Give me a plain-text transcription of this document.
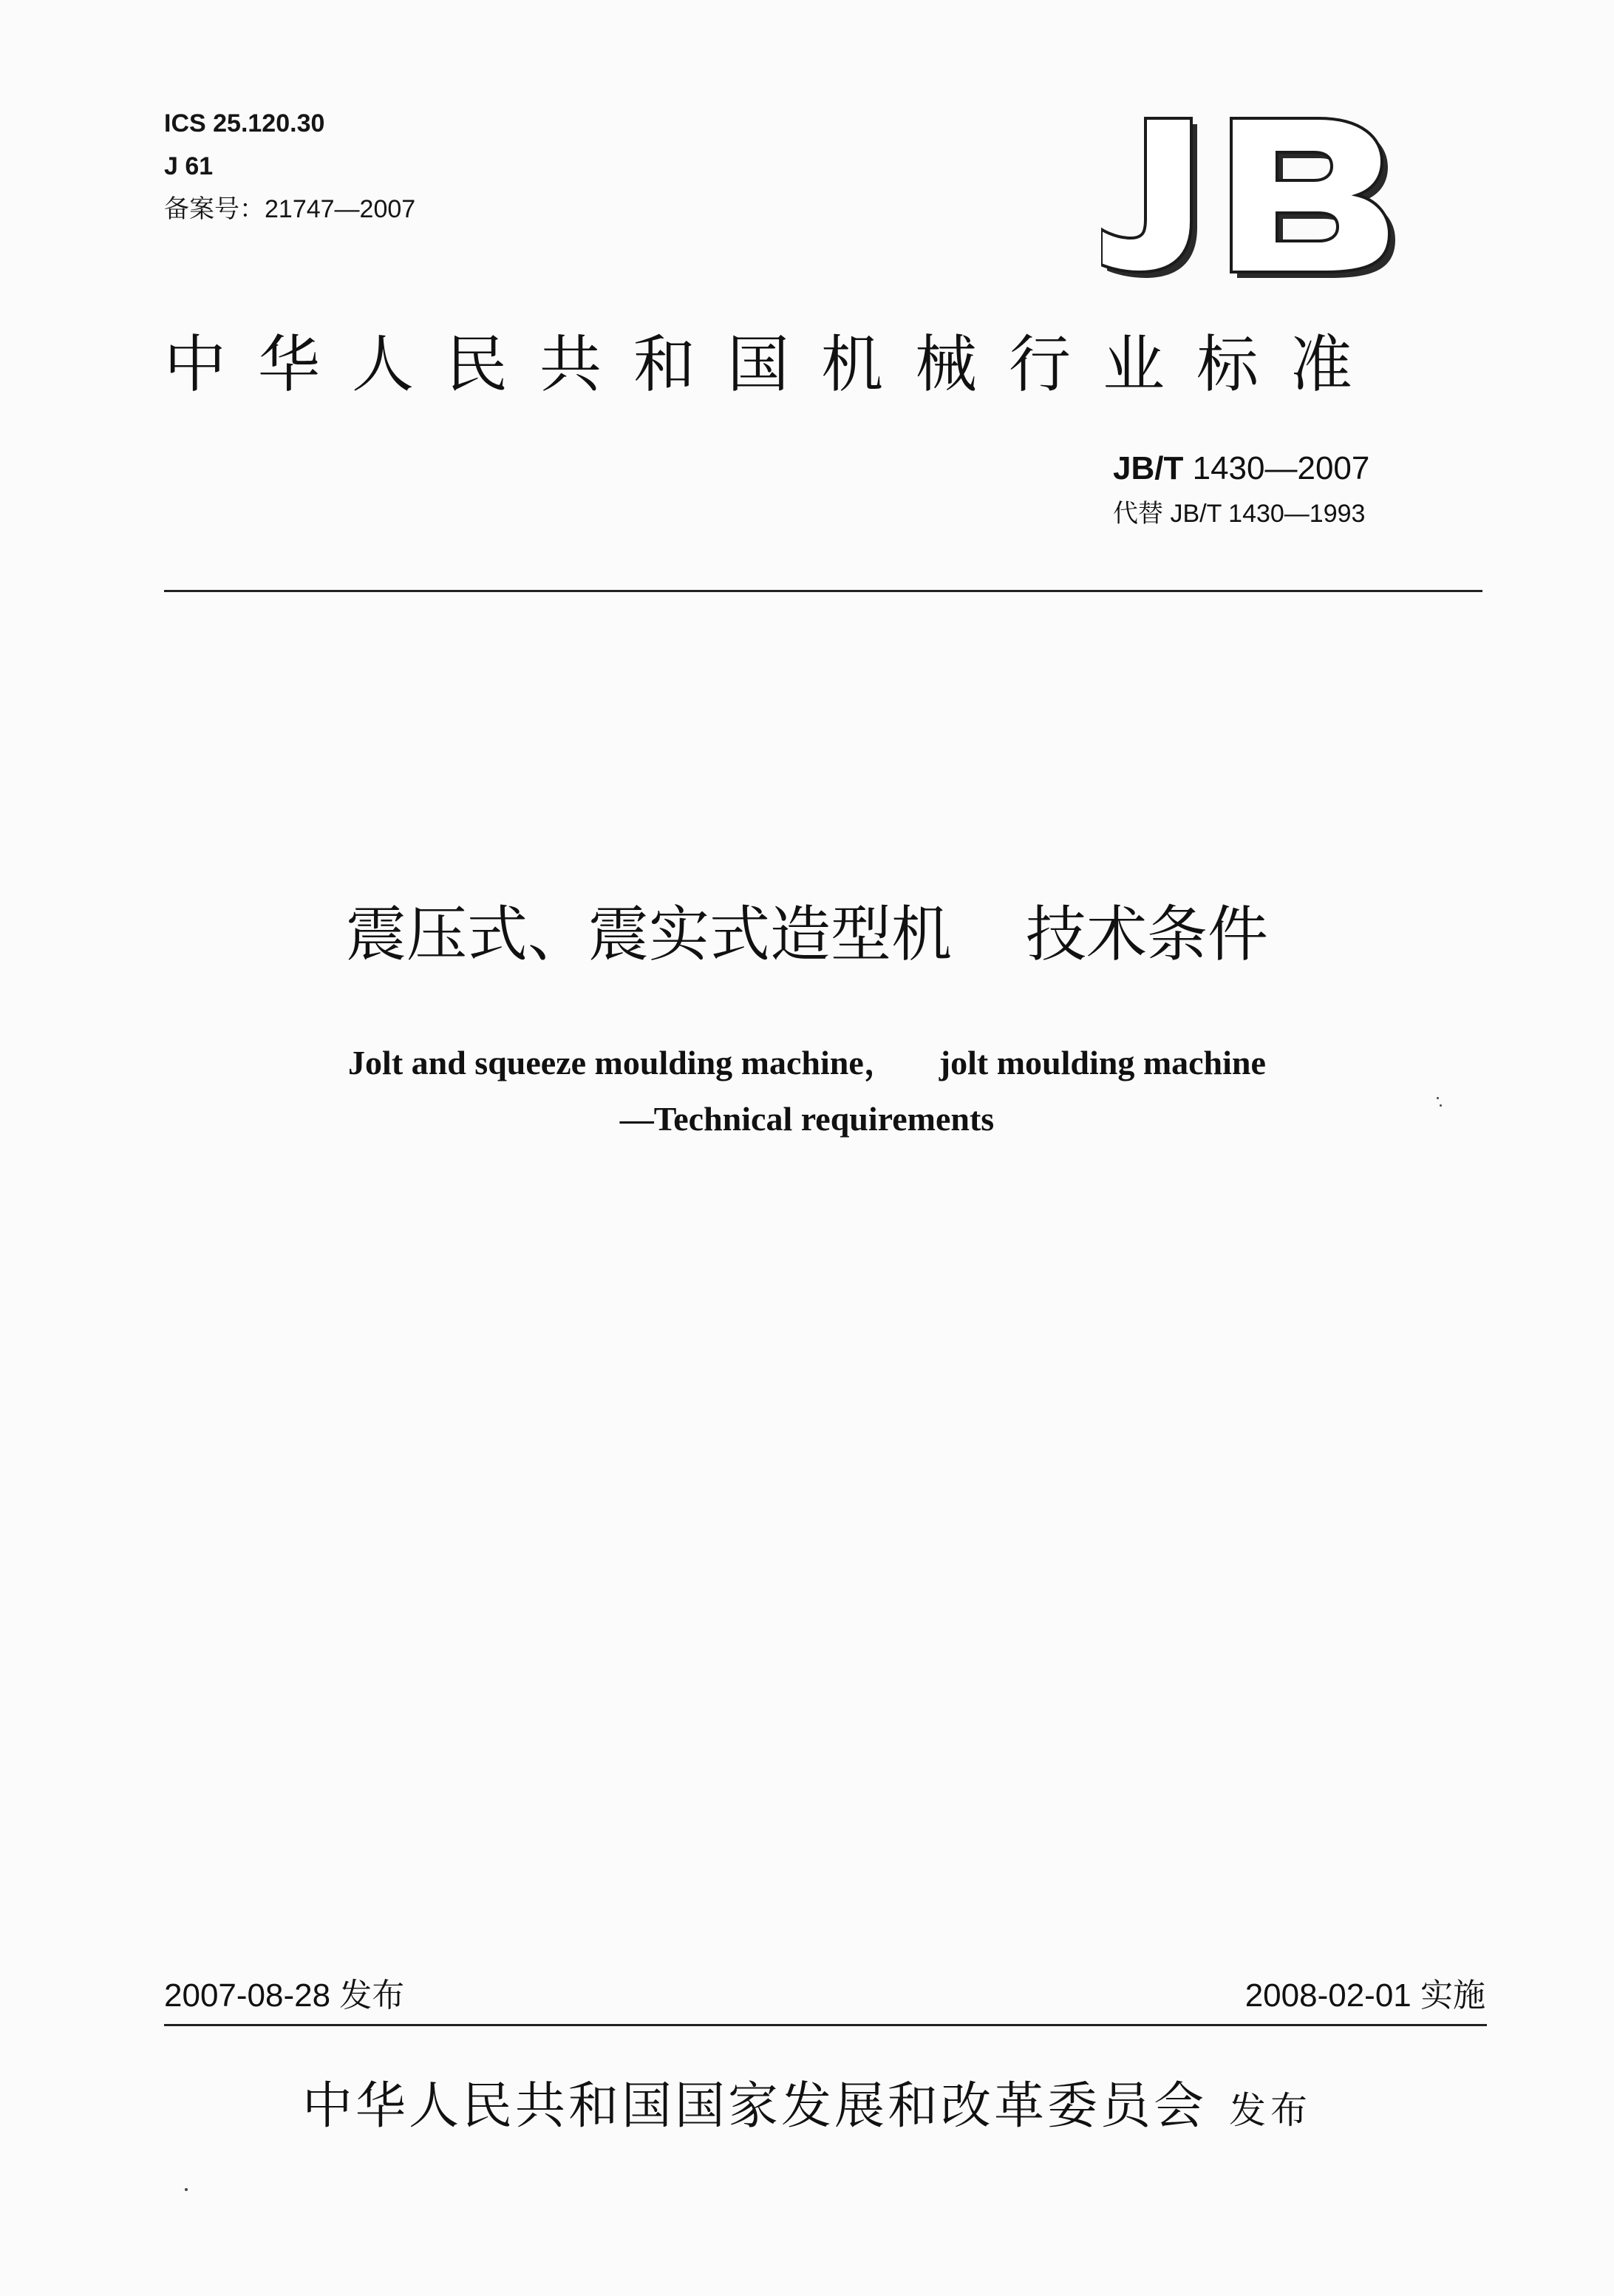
ICS 25.120.30
J 61
备案号：21747—2007
中华人民共和国机械行业标准
JB/T 1430—2007
代替 JB/T 1430—1993
震压式、震实式造型机 技术条件
Jolt and squeeze moulding machine， jolt moulding machine
—Technical requirements
2007-08-28 发布	2008-02-01 实施
中华人民共和国国家发展和改革委员会 发布
